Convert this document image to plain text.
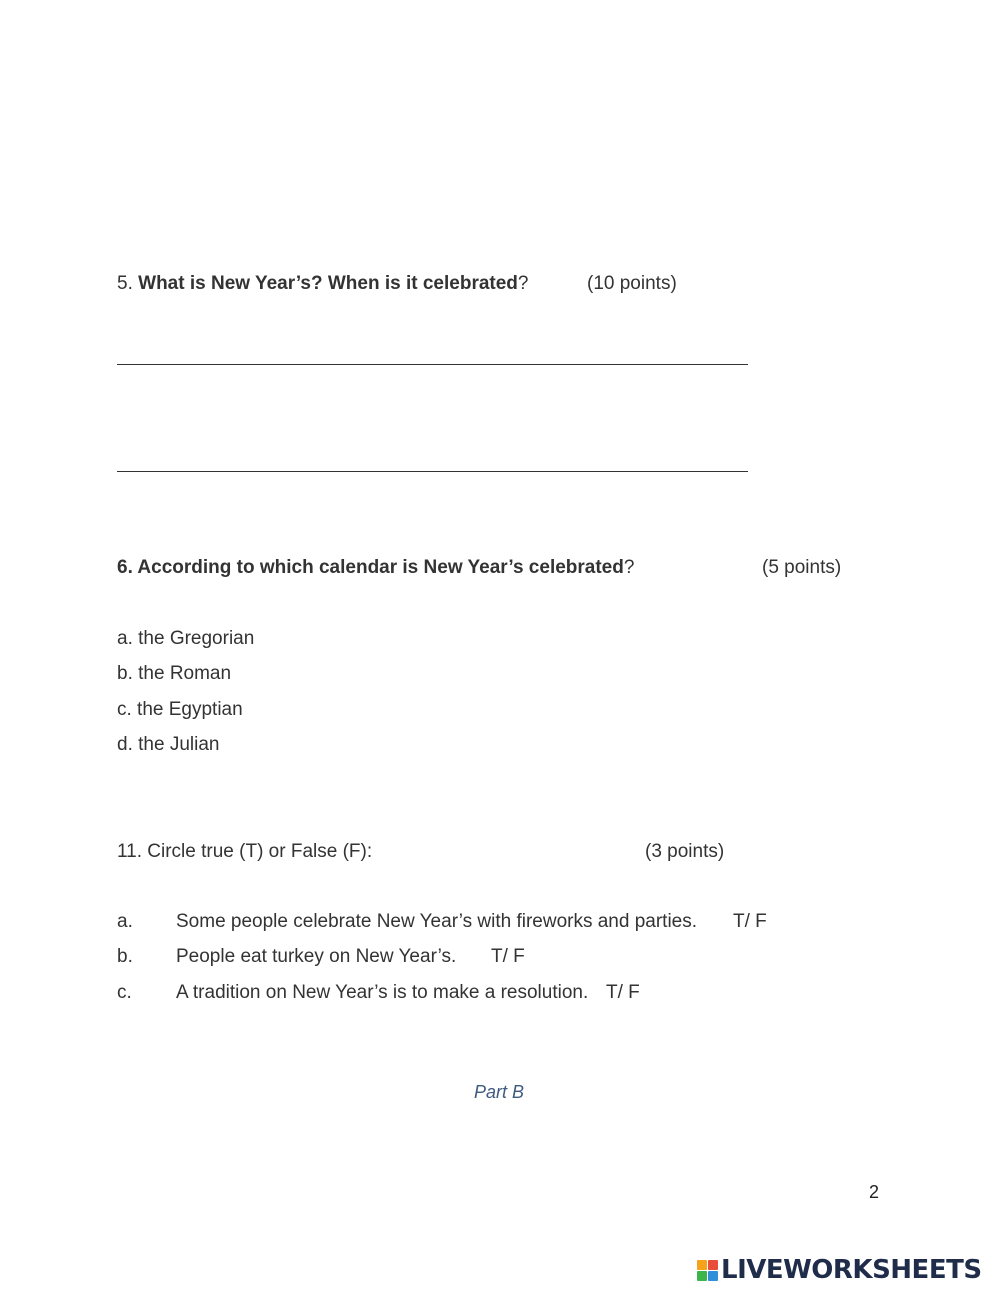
5. What is New Year’s? When is it celebrated?	(10 points)
6. According to which calendar is New Year’s celebrated?	(5 points)
a. the Gregorian
b. the Roman
c. the Egyptian
d. the Julian
11. Circle true (T) or False (F):	(3 points)
a. Some people celebrate New Year’s with fireworks and parties. T/ F
b. People eat turkey on New Year’s. T/ F
c. A tradition on New Year’s is to make a resolution. T/ F
Part B
2
LIVEWORKSHEETS
